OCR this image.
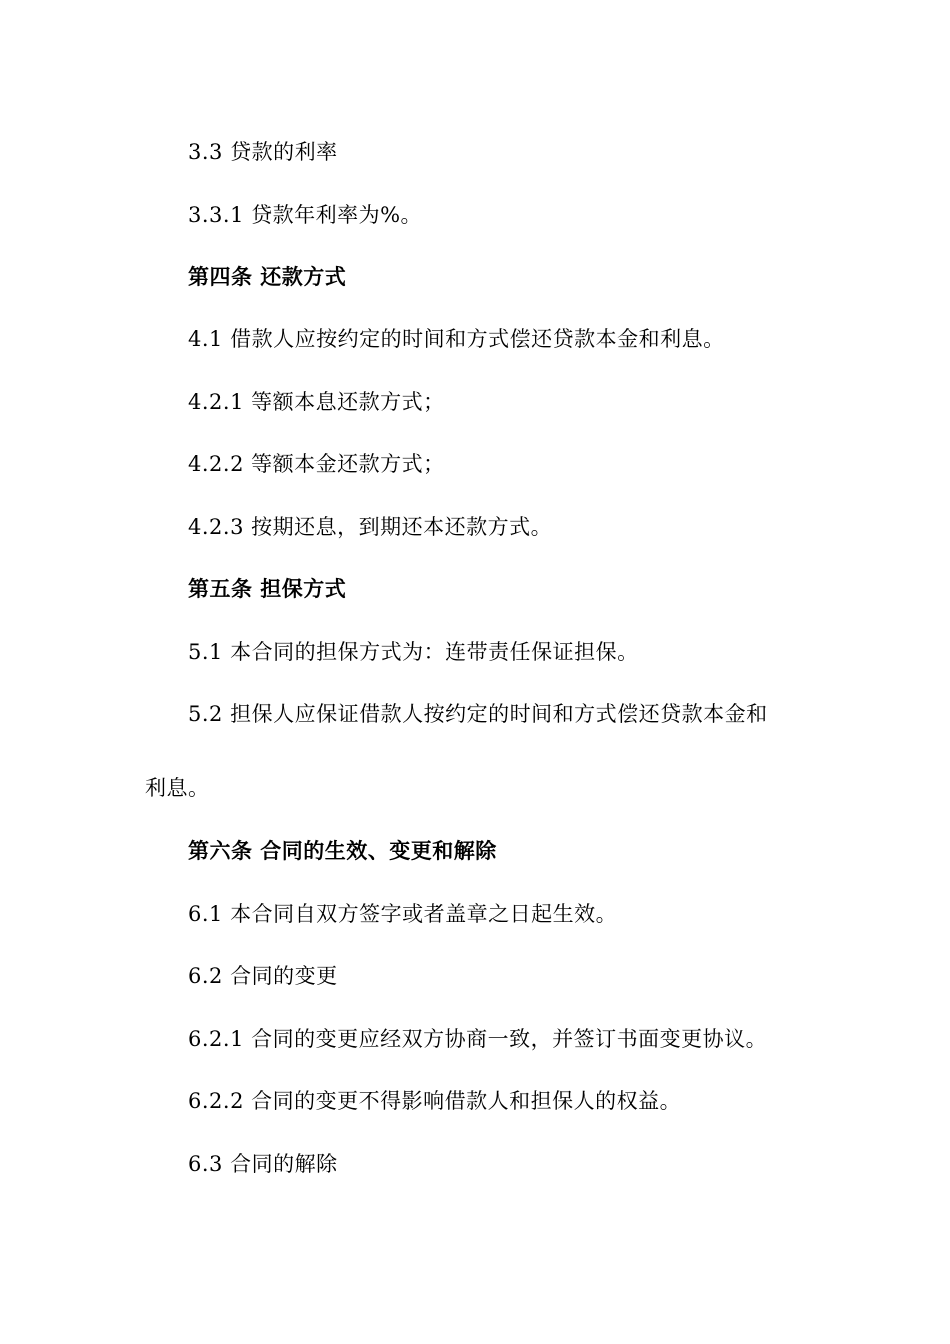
3.3 贷款的利率
3.3.1 贷款年利率为%。
第四条 还款方式
4.1 借款人应按约定的时间和方式偿还贷款本金和利息。
4.2.1 等额本息还款方式；
4.2.2 等额本金还款方式；
4.2.3 按期还息，到期还本还款方式。
第五条 担保方式
5.1 本合同的担保方式为：连带责任保证担保。
5.2 担保人应保证借款人按约定的时间和方式偿还贷款本金和
利息。
第六条 合同的生效、变更和解除
6.1 本合同自双方签字或者盖章之日起生效。
6.2 合同的变更
6.2.1 合同的变更应经双方协商一致，并签订书面变更协议。
6.2.2 合同的变更不得影响借款人和担保人的权益。
6.3 合同的解除
